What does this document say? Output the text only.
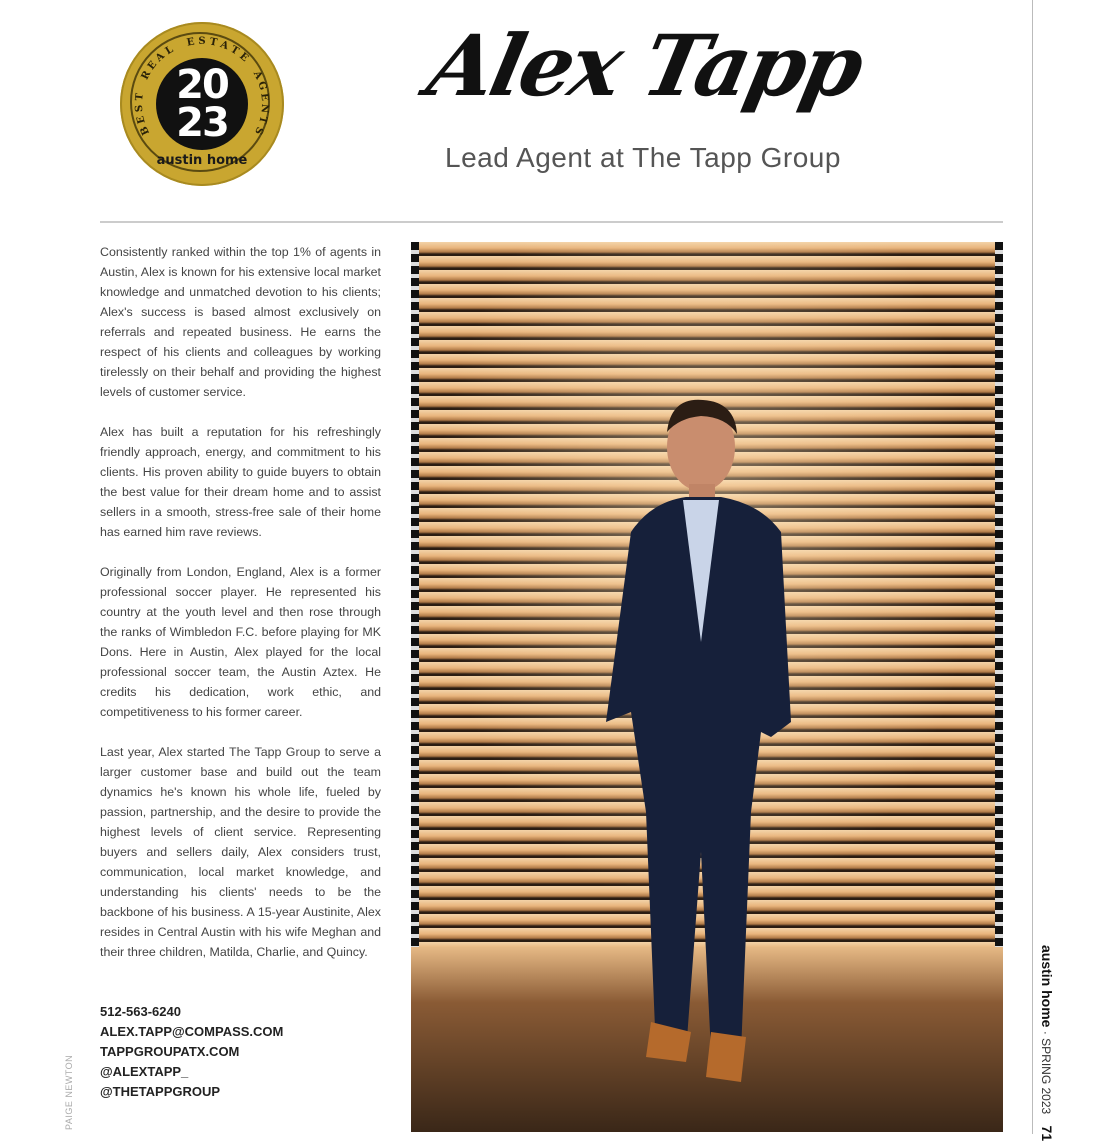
B
E
S
T
R
E
A
L
E S T A
T
E
A
G
E
N
T
S
20
23
austin home
Alex Tapp
Lead Agent at The Tapp Group

Consistently ranked within the top 1% of agents in Austin, Alex is known for his extensive local market knowledge and unmatched devotion to his clients; Alex's success is based almost exclusively on referrals and repeated business. He earns the respect of his clients and colleagues by working tirelessly on their behalf and providing the highest levels of customer service.

Alex has built a reputation for his refreshingly friendly approach, energy, and commitment to his clients. His proven ability to guide buyers to obtain the best value for their dream home and to assist sellers in a smooth, stress-free sale of their home has earned him rave reviews.

Originally from London, England, Alex is a former professional soccer player. He represented his country at the youth level and then rose through the ranks of Wimbledon F.C. before playing for MK Dons. Here in Austin, Alex played for the local professional soccer team, the Austin Aztex. He credits his dedication, work ethic, and competitiveness to his former career.

Last year, Alex started The Tapp Group to serve a larger customer base and build out the team dynamics he's known his whole life, fueled by passion, partnership, and the desire to provide the highest levels of client service. Representing buyers and sellers daily, Alex considers trust, communication, local market knowledge, and understanding his clients' needs to be the backbone of his business. A 15-year Austinite, Alex resides in Central Austin with his wife Meghan and their three children, Matilda, Charlie, and Quincy.

512-563-6240
ALEX.TAPP@COMPASS.COM
TAPPGROUPATX.COM
@ALEXTAPP_
@THETAPPGROUP
PAIGE NEWTON
austin home · SPRING 2023 71
